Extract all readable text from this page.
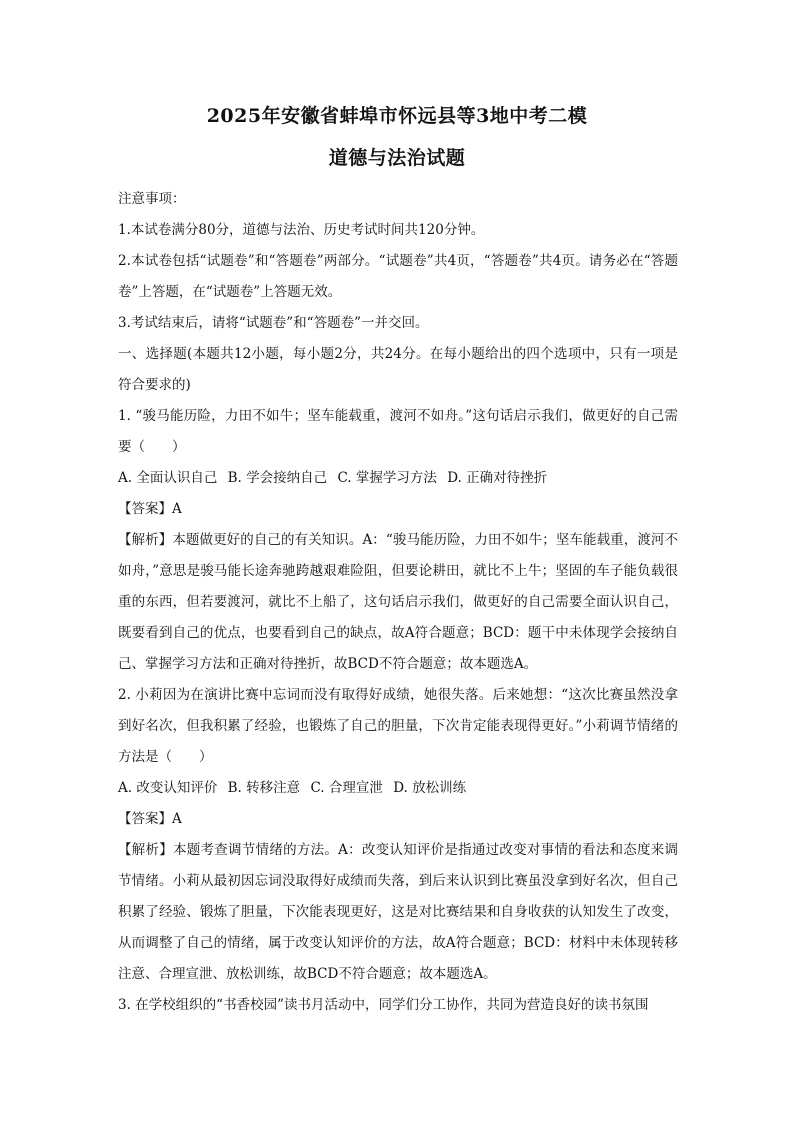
2025年安徽省蚌埠市怀远县等3地中考二模
道德与法治试题

注意事项：

1.本试卷满分80分，道德与法治、历史考试时间共120分钟。

2.本试卷包括“试题卷”和“答题卷”两部分。“试题卷”共4页，“答题卷”共4页。请务必在“答题卷”上答题，在“试题卷”上答题无效。

3.考试结束后，请将“试题卷”和“答题卷”一并交回。

一、选择题(本题共12小题，每小题2分，共24分。在每小题给出的四个选项中，只有一项是符合要求的)

1. “骏马能历险，力田不如牛；坚车能载重，渡河不如舟。”这句话启示我们，做更好的自己需要（　　）

A. 全面认识自己 B. 学会接纳自己 C. 掌握学习方法 D. 正确对待挫折

【答案】A

【解析】本题做更好的自己的有关知识。A：“骏马能历险，力田不如牛；坚车能载重，渡河不如舟，”意思是骏马能长途奔驰跨越艰难险阻，但要论耕田，就比不上牛；坚固的车子能负载很重的东西，但若要渡河，就比不上船了，这句话启示我们，做更好的自己需要全面认识自己，既要看到自己的优点，也要看到自己的缺点，故A符合题意；BCD：题干中未体现学会接纳自己、掌握学习方法和正确对待挫折，故BCD不符合题意；故本题选A。

2. 小莉因为在演讲比赛中忘词而没有取得好成绩，她很失落。后来她想：“这次比赛虽然没拿到好名次，但我积累了经验，也锻炼了自己的胆量，下次肯定能表现得更好。”小莉调节情绪的方法是（　　）

A. 改变认知评价 B. 转移注意 C. 合理宣泄 D. 放松训练

【答案】A

【解析】本题考查调节情绪的方法。A：改变认知评价是指通过改变对事情的看法和态度来调节情绪。小莉从最初因忘词没取得好成绩而失落，到后来认识到比赛虽没拿到好名次，但自己积累了经验、锻炼了胆量，下次能表现更好，这是对比赛结果和自身收获的认知发生了改变，从而调整了自己的情绪，属于改变认知评价的方法，故A符合题意；BCD：材料中未体现转移注意、合理宣泄、放松训练，故BCD不符合题意；故本题选A。

3. 在学校组织的“书香校园”读书月活动中，同学们分工协作，共同为营造良好的读书氛围
